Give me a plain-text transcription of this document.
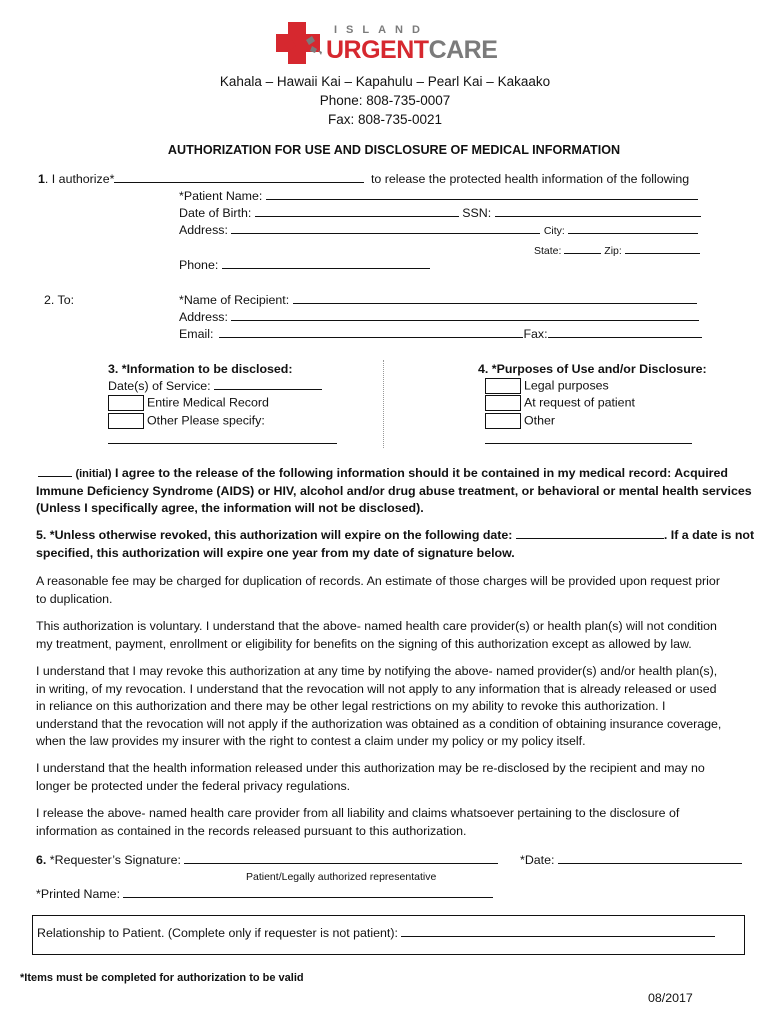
ISLAND
URGENTCARE
Kahala – Hawaii Kai – Kapahulu – Pearl Kai – Kakaako
Phone: 808-735-0007
Fax: 808-735-0021
AUTHORIZATION FOR USE AND DISCLOSURE OF MEDICAL INFORMATION
1. I authorize*	to release the protected health information of the following
*Patient Name:
Date of Birth:	SSN:
Address:	City:
State:	Zip:
Phone:
2. To:	*Name of Recipient:
Address:
Email:	Fax:
3. *Information to be disclosed:
Date(s) of Service:
Entire Medical Record
Other Please specify:
4. *Purposes of Use and/or Disclosure:
Legal purposes
At request of patient
Other
(initial) I agree to the release of the following information should it be contained in my medical record: Acquired
Immune Deficiency Syndrome (AIDS) or HIV, alcohol and/or drug abuse treatment, or behavioral or mental health services
(Unless I specifically agree, the information will not be disclosed).
5. *Unless otherwise revoked, this authorization will expire on the following date:	. If a date is not
specified, this authorization will expire one year from my date of signature below.
A reasonable fee may be charged for duplication of records. An estimate of those charges will be provided upon request prior
to duplication.
This authorization is voluntary. I understand that the above- named health care provider(s) or health plan(s) will not condition
my treatment, payment, enrollment or eligibility for benefits on the signing of this authorization except as allowed by law.
I understand that I may revoke this authorization at any time by notifying the above- named provider(s) and/or health plan(s),
in writing, of my revocation. I understand that the revocation will not apply to any information that is already released or used
in reliance on this authorization and there may be other legal restrictions on my ability to revoke this authorization. I
understand that the revocation will not apply if the authorization was obtained as a condition of obtaining insurance coverage,
when the law provides my insurer with the right to contest a claim under my policy or my policy itself.
I understand that the health information released under this authorization may be re-disclosed by the recipient and may no
longer be protected under the federal privacy regulations.
I release the above- named health care provider from all liability and claims whatsoever pertaining to the disclosure of
information as contained in the records released pursuant to this authorization.
6. *Requester’s Signature:	*Date:
Patient/Legally authorized representative
*Printed Name:
Relationship to Patient. (Complete only if requester is not patient):
*Items must be completed for authorization to be valid
08/2017
